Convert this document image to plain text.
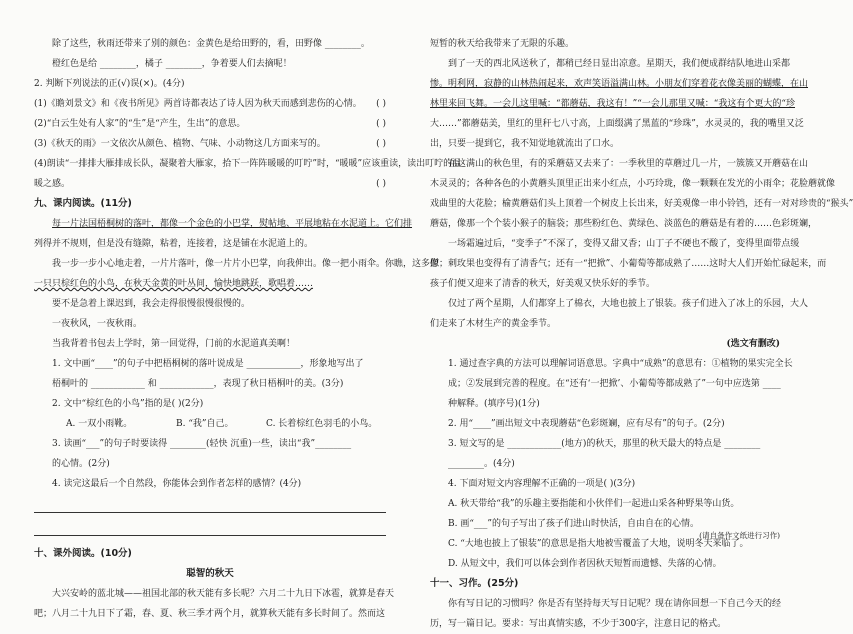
除了这些，秋雨还带来了别的颜色：金黄色是给田野的，看，田野像 ________。
橙红色是给 ________，橘子 ________，争着要人们去摘呢！
2. 判断下列说法的正(√)误(×)。(4分)
(1)《瞻刘景文》和《夜书所见》两首诗都表达了诗人因为秋天而感到悲伤的心情。 ( )
(2)“白云生处有人家”的“生”是“产生，生出”的意思。	( )
(3)《秋天的雨》一文依次从颜色、植物、气味、小动物这几方面来写的。	( )
(4)朗读“一排排大雁排成长队，凝聚着大雁家，拾下一阵阵暖暖的叮咛”时，“暖暖”应该重读，读出叮咛的温
暖之感。	( )
九、课内阅读。(11分)
每一片法国梧桐树的落叶，都像一个金色的小巴掌，熨帖地、平展地粘在水泥道上。它们排
列得并不规则，但是没有缝隙，粘着，连接着，这是铺在水泥道上的。
我一步一步小心地走着，一片片落叶，像一片片小巴掌，向我伸出。像一把小雨伞。你瞧，这多像
一只只棕红色的小鸟，在秋天金黄的叶丛间，愉快地跳跃，歌唱着……
要不是急着上课迟到，我会走得很慢很慢很慢的。
一夜秋风，一夜秋雨。
当我背着书包去上学时，第一回觉得，门前的水泥道真美啊！
1. 文中画“____”的句子中把梧桐树的落叶说成是 ____________，形象地写出了
梧桐叶的 ____________ 和 ____________，表现了秋日梧桐叶的美。(3分)
2. 文中“棕红色的小鸟”指的是( )(2分)
A. 一双小雨靴。	B. “我”自己。	C. 长着棕红色羽毛的小鸟。
3. 读画“___”的句子时要读得 ________(轻快 沉重)一些，读出“我”________
的心情。(2分)
4. 读完这最后一个自然段，你能体会到作者怎样的感情？(4分)
十、课外阅读。(10分)
聪智的秋天
大兴安岭的蓝北城——祖国北部的秋天能有多长呢？六月二十九日下冰雹，就算是春天
吧；八月二十九日下了霜，春、夏、秋三季才两个月，就算秋天能有多长时间了。然而这
短暂的秋天给我带来了无限的乐趣。
到了一天的西北风送秋了，都稍已经日显出凉意。星期天，我们便成群结队地进山采都
惨。明利网，寂静的山林热闹起来，欢声笑语溢满山林。小朋友们穿着花衣像美丽的蝴蝶，在山
林里来回飞舞。一会儿这里喊：“都蘑菇，我这有！”“一会儿那里又喊：“我这有个更大的“珍
大……”都蘑菇美，里红的里秆七八寸高，上面缀满了黑蓝的“珍珠”，水灵灵的，我的嘴里又泛
出，只要一提到它，我不知觉地就流出了口水。
在这满山的秋色里，有的采蘑菇又去来了：一季秋里的草蘑过几一片，一簇簇又开蘑菇在山
木灵灵的；各种各色的小黄蘑头顶里正出来小红点，小巧玲珑，像一颗颗在发光的小雨伞；花脸蘑就像
戏曲里的大花脸；榆黄蘑菇们头上顶着一个树皮上长出来，好美观像一串小铃铛，还有一对对珍贵的“猴头”
蘑菇，像那一个个装小猴子的脑袋；那些粉红色、黄绿色、淡蓝色的蘑菇是有着的……色彩斑斓，
一场霜遍过后，“变季子”不深了，变得又甜又香；山丁子不硬也不酸了，变得里面带点缓
慰；刺玫果也变得有了清香气；还有一“把掀”、小葡萄等都成熟了……这时大人们开始忙碌起来，而
孩子们便又迎来了清香的秋天，好美观又快乐好的季节。
仅过了两个星期，人们都穿上了棉衣，大地也披上了银装。孩子们进入了冰上的乐园，大人
们走来了木材生产的黄金季节。
(选文有删改)
1. 通过查字典的方法可以理解词语意思。字典中“成熟”的意思有：①植物的果实完全长
成；②发展到完善的程度。在“还有‘一把掀’、小葡萄等都成熟了”一句中应选第 ____
种解释。(填序号)(1分)
2. 用“____”画出短文中表现蘑菇“色彩斑斓，应有尽有”的句子。(2分)
3. 短文写的是 ____________(地方)的秋天，那里的秋天最大的特点是 ________
________。(4分)
4. 下面对短文内容理解不正确的一项是( )(3分)
A. 秋天带给“我”的乐趣主要指能和小伙伴们一起进山采各种野果等山货。
B. 画“___”的句子写出了孩子们进山时快活，自由自在的心情。
C. “大地也披上了银装”的意思是指大地被雪覆盖了大地，说明冬天来临了。
D. 从短文中，我们可以体会到作者因秋天短暂而遗憾、失落的心情。
十一、习作。(25分)
你有写日记的习惯吗？你是否有坚持每天写日记呢？现在请你回想一下自己今天的经
历，写一篇日记。要求：写出真情实感，不少于300字，注意日记的格式。
(请自备作文纸进行习作)
